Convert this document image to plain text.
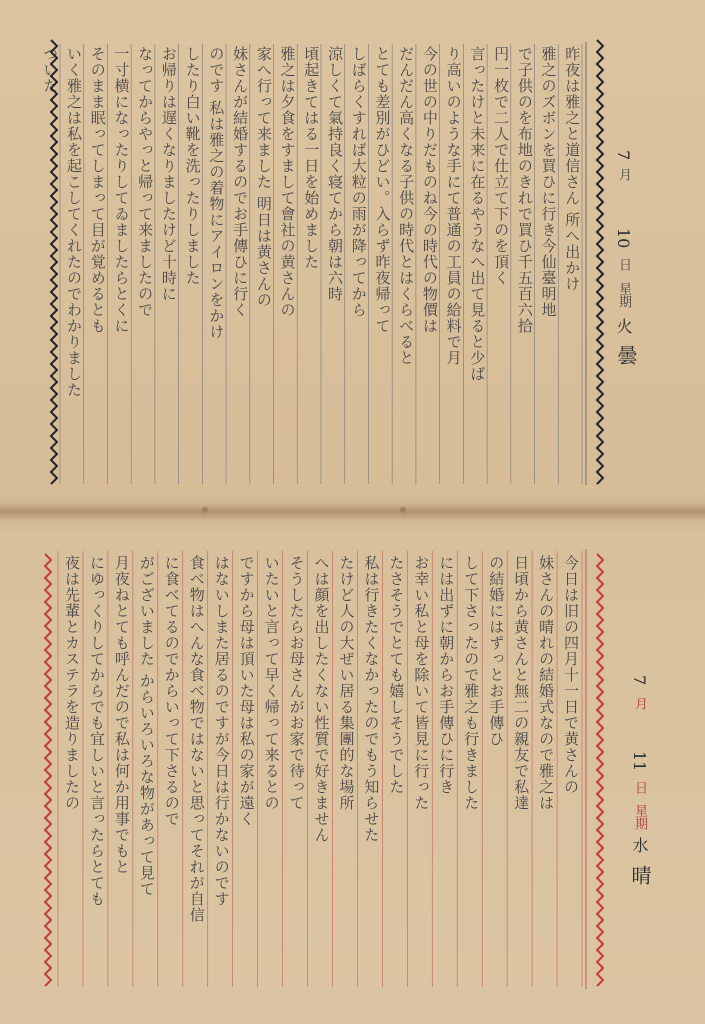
月
7
10
日
星期
火
曇
昨夜は雅之と道信さん 所へ出かけ
雅之のズボンを買ひに行き今仙臺明地
で子供のを布地のきれで買ひ千五百六拾
円一枚で二人で仕立て下のを頂く
言ったけと未来に在るやうなへ出て見ると少ば
り高いのような手にて普通の工員の給料で月
今の世の中りだものね今の時代の物價は
だんだん高くなる子供の時代とはくらべると
とても差別がひどい。入らず昨夜帰って
しばらくすれば大粒の雨が降ってから
涼しくて氣持良く寝てから朝は六時
頃起きてはる一日を始めました
雅之は夕食をすまして會社の黄さんの
家へ行って来ました 明日は黄さんの
妹さんが結婚するのでお手傳ひに行く
のです 私は雅之の着物にアイロンをかけ
したり白い靴を洗ったりしました
お帰りは遅くなりましたけど十時に
なってからやっと帰って来ましたので
一寸横になったりしてゐましたらとくに
そのまま眠ってしまって目が覚めるとも
いく雅之は私を起こしてくれたのでわかりました
ついた
月
7
11
日
星期
水
晴
今日は旧の四月十一日で黄さんの
妹さんの晴れの結婚式なので雅之は
日頃から黄さんと無二の親友で私達
の結婚にはずっとお手傳ひ
して下さったので雅之も行きました
には出ずに朝からお手傳ひに行き
お幸い私と母を除いて皆見に行った
たさそうでとても嬉しそうでした
私は行きたくなかったのでもう知らせた
たけど人の大ぜい居る集團的な場所
へは顔を出したくない性質で好きません
そうしたらお母さんがお家で待って
いたいと言って早く帰って来るとの
ですから母は頂いた母は私の家が遠く
はないしまた居るのですが今日は行かないのです
食べ物はへんな食べ物ではないと思ってそれが自信
に食べてるのでからいって下さるので
がございました からいろいろな物があって見て
月夜ねとても呼んだので私は何か用事でもと
にゆっくりしてからでも宜しいと言ったらとても
夜は先輩とカステラを造りましたの
